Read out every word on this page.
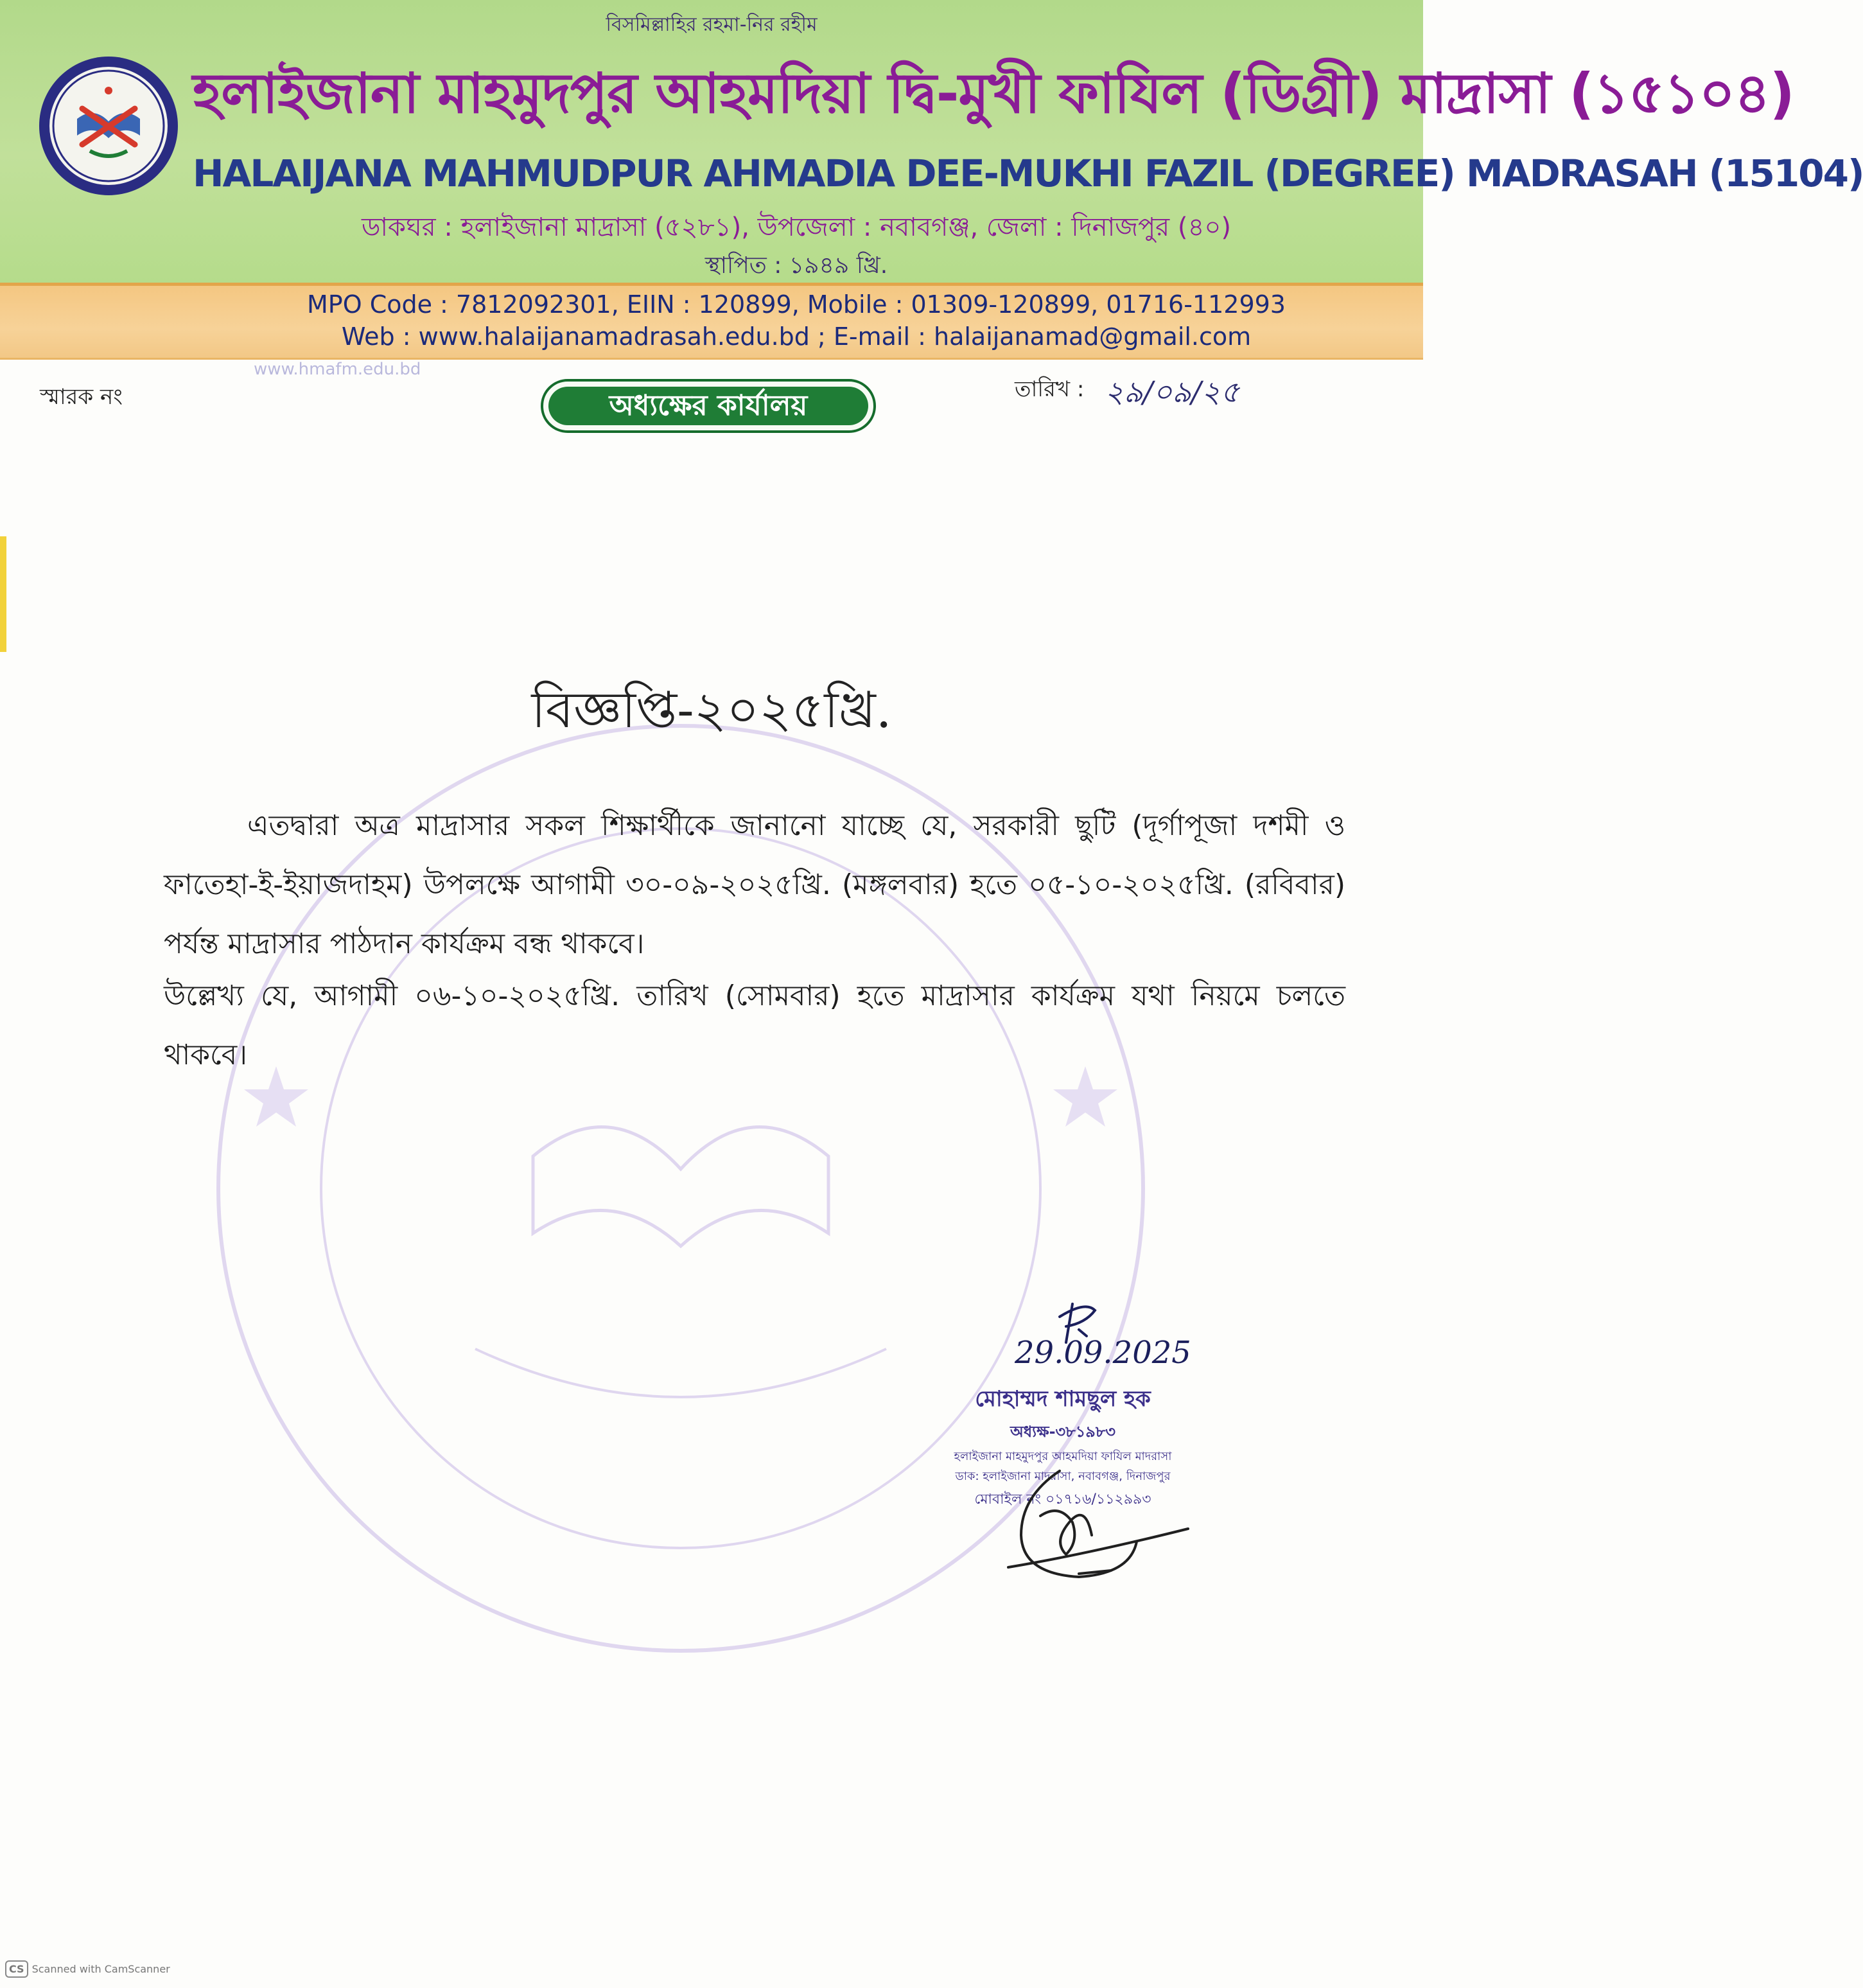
বিসমিল্লাহির রহমা-নির রহীম
হলাইজানা মাহমুদপুর আহমদিয়া দ্বি-মুখী ফাযিল (ডিগ্রী) মাদ্রাসা (১৫১০৪)
HALAIJANA MAHMUDPUR AHMADIA DEE-MUKHI FAZIL (DEGREE) MADRASAH (15104)
ডাকঘর : হলাইজানা মাদ্রাসা (৫২৮১), উপজেলা : নবাবগঞ্জ, জেলা : দিনাজপুর (৪০)
স্থাপিত : ১৯৪৯ খ্রি.
MPO Code : 7812092301, EIIN : 120899, Mobile : 01309-120899, 01716-112993
Web : www.halaijanamadrasah.edu.bd ; E-mail : halaijanamad@gmail.com
www.hmafm.edu.bd
স্মারক নং	অধ্যক্ষের কার্যালয়	তারিখ : ২৯/০৯/২৫
বিজ্ঞপ্তি-২০২৫খ্রি.
এতদ্বারা অত্র মাদ্রাসার সকল শিক্ষার্থীকে জানানো যাচ্ছে যে, সরকারী ছুটি (দূর্গাপূজা দশমী ও ফাতেহা-ই-ইয়াজদাহম) উপলক্ষে আগামী ৩০-০৯-২০২৫খ্রি. (মঙ্গলবার) হতে ০৫-১০-২০২৫খ্রি. (রবিবার) পর্যন্ত মাদ্রাসার পাঠদান কার্যক্রম বন্ধ থাকবে।
উল্লেখ্য যে, আগামী ০৬-১০-২০২৫খ্রি. তারিখ (সোমবার) হতে মাদ্রাসার কার্যক্রম যথা নিয়মে চলতে থাকবে।
29.09.2025
মোহাম্মদ শামছুল হক
অধ্যক্ষ-৩৮১৯৮৩
হলাইজানা মাহমুদপুর আহমদিয়া ফাযিল মাদরাসা
ডাক: হলাইজানা মাদরাসা, নবাবগঞ্জ, দিনাজপুর
মোবাইল নং ০১৭১৬/১১২৯৯৩
CS Scanned with CamScanner
